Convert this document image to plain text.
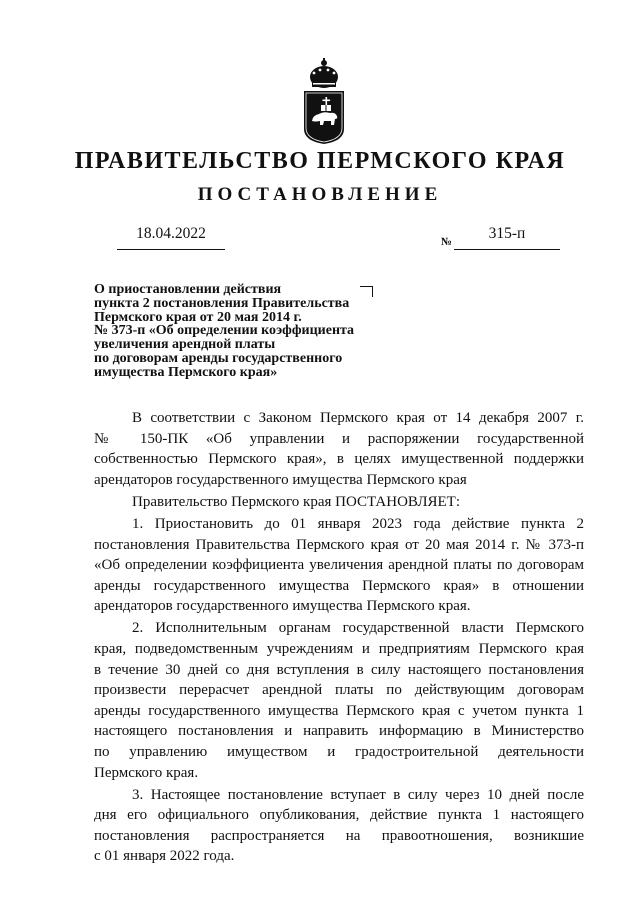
ПРАВИТЕЛЬСТВО ПЕРМСКОГО КРАЯ
ПОСТАНОВЛЕНИЕ
18.04.2022	№	315-п
О приостановлении действия
пункта 2 постановления Правительства
Пермского края от 20 мая 2014 г.
№ 373-п «Об определении коэффициента
увеличения арендной платы
по договорам аренды государственного
имущества Пермского края»
В соответствии с Законом Пермского края от 14 декабря 2007 г.
№ 150-ПК «Об управлении и распоряжении государственной
собственностью Пермского края», в целях имущественной поддержки
арендаторов государственного имущества Пермского края
Правительство Пермского края ПОСТАНОВЛЯЕТ:
1. Приостановить до 01 января 2023 года действие пункта 2
постановления Правительства Пермского края от 20 мая 2014 г. № 373-п
«Об определении коэффициента увеличения арендной платы по договорам
аренды государственного имущества Пермского края» в отношении
арендаторов государственного имущества Пермского края.
2. Исполнительным органам государственной власти Пермского
края, подведомственным учреждениям и предприятиям Пермского края
в течение 30 дней со дня вступления в силу настоящего постановления
произвести перерасчет арендной платы по действующим договорам
аренды государственного имущества Пермского края с учетом пункта 1
настоящего постановления и направить информацию в Министерство
по управлению имуществом и градостроительной деятельности
Пермского края.
3. Настоящее постановление вступает в силу через 10 дней после
дня его официального опубликования, действие пункта 1 настоящего
постановления распространяется на правоотношения, возникшие
с 01 января 2022 года.
